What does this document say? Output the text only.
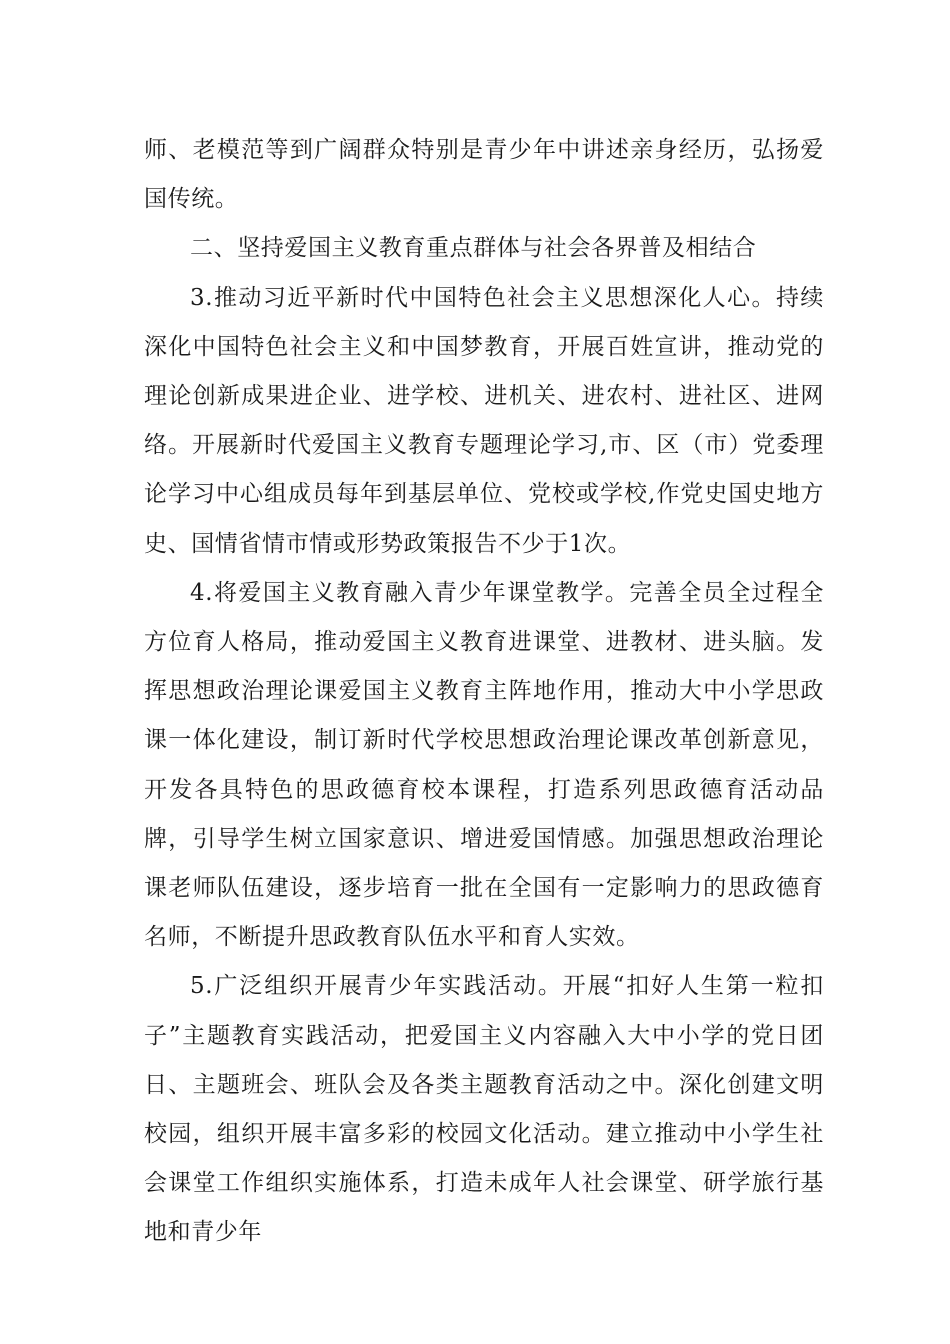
师、老模范等到广阔群众特别是青少年中讲述亲身经历，弘扬爱国传统。

二、坚持爱国主义教育重点群体与社会各界普及相结合

3.推动习近平新时代中国特色社会主义思想深化人心。持续深化中国特色社会主义和中国梦教育，开展百姓宣讲，推动党的理论创新成果进企业、进学校、进机关、进农村、进社区、进网络。开展新时代爱国主义教育专题理论学习,市、区（市）党委理论学习中心组成员每年到基层单位、党校或学校,作党史国史地方史、国情省情市情或形势政策报告不少于1次。

4.将爱国主义教育融入青少年课堂教学。完善全员全过程全方位育人格局，推动爱国主义教育进课堂、进教材、进头脑。发挥思想政治理论课爱国主义教育主阵地作用，推动大中小学思政课一体化建设，制订新时代学校思想政治理论课改革创新意见，开发各具特色的思政德育校本课程，打造系列思政德育活动品牌，引导学生树立国家意识、增进爱国情感。加强思想政治理论课老师队伍建设，逐步培育一批在全国有一定影响力的思政德育名师，不断提升思政教育队伍水平和育人实效。

5.广泛组织开展青少年实践活动。开展“扣好人生第一粒扣子”主题教育实践活动，把爱国主义内容融入大中小学的党日团日、主题班会、班队会及各类主题教育活动之中。深化创建文明校园，组织开展丰富多彩的校园文化活动。建立推动中小学生社会课堂工作组织实施体系，打造未成年人社会课堂、研学旅行基地和青少年
